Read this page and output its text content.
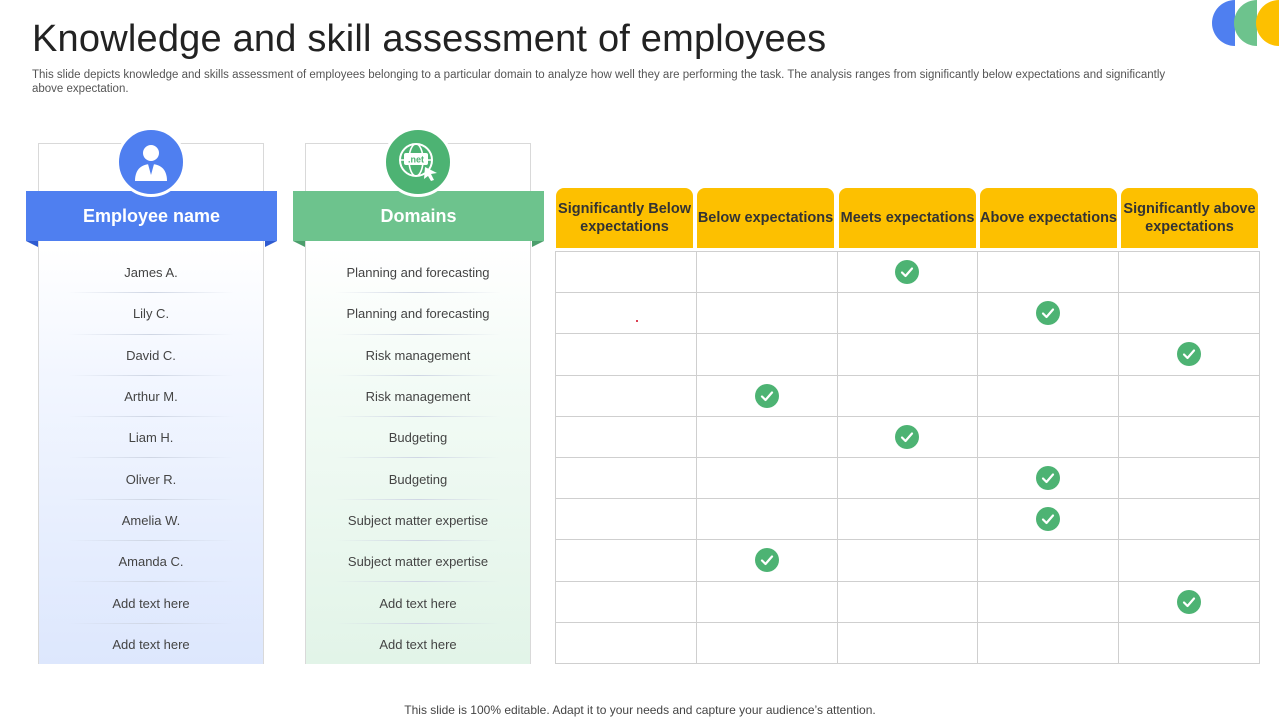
Knowledge and skill assessment of employees

This slide depicts knowledge and skills assessment of employees belonging to a particular domain to analyze how well they are performing the task. The analysis ranges from significantly below expectations and significantly above expectation.

Employee name
James A.
Lily C.
David C.
Arthur M.
Liam H.
Oliver R.
Amelia W.
Amanda C.
Add text here
Add text here
Domains
.net
Planning and forecasting
Planning and forecasting
Risk management
Risk management
Budgeting
Budgeting
Subject matter expertise
Subject matter expertise
Add text here
Add text here
Significantly Below expectations
Below expectations Meets expectations Above expectations
Significantly above expectations
This slide is 100% editable. Adapt it to your needs and capture your audience’s attention.
